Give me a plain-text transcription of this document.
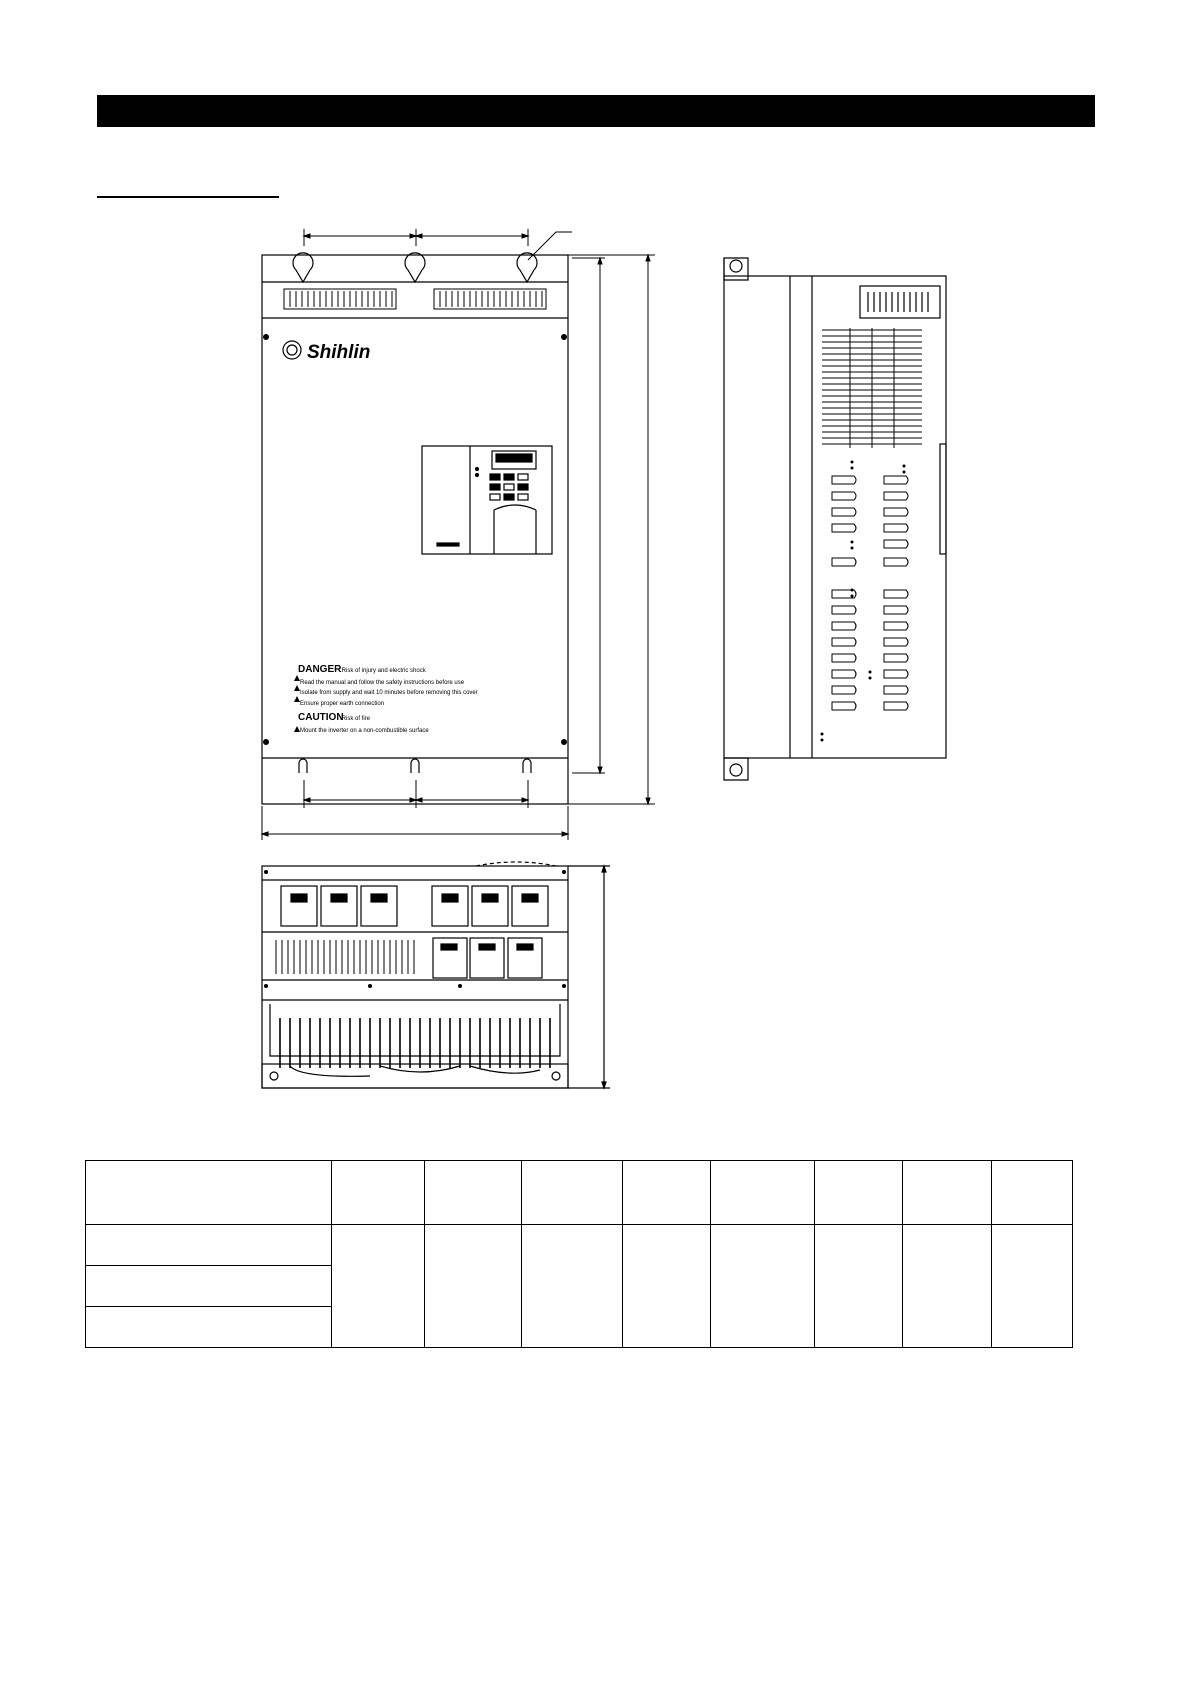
Shihlin
DANGER
:Risk of injury and electric shock
Read the manual and follow the safety instructions before use
Isolate from supply and wait 10 minutes before removing this cover
Ensure proper earth connection
CAUTION
:Risk of fire
Mount the inverter on a non-combustible surface
